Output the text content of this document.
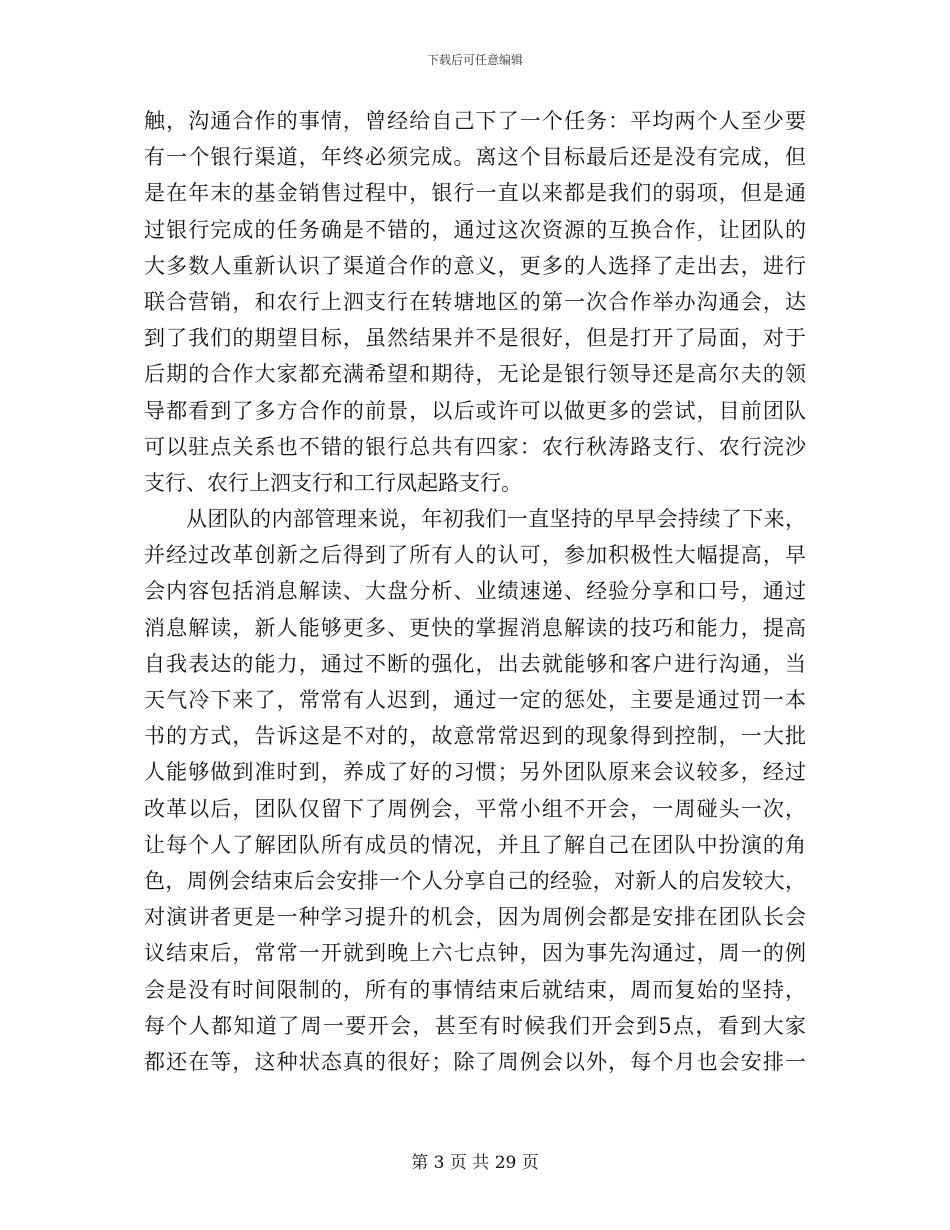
下载后可任意编辑
触，沟通合作的事情，曾经给自己下了一个任务：平均两个人至少要
有一个银行渠道，年终必须完成。离这个目标最后还是没有完成，但
是在年末的基金销售过程中，银行一直以来都是我们的弱项，但是通
过银行完成的任务确是不错的，通过这次资源的互换合作，让团队的
大多数人重新认识了渠道合作的意义，更多的人选择了走出去，进行
联合营销，和农行上泗支行在转塘地区的第一次合作举办沟通会，达
到了我们的期望目标，虽然结果并不是很好，但是打开了局面，对于
后期的合作大家都充满希望和期待，无论是银行领导还是高尔夫的领
导都看到了多方合作的前景，以后或许可以做更多的尝试，目前团队
可以驻点关系也不错的银行总共有四家：农行秋涛路支行、农行浣沙
支行、农行上泗支行和工行凤起路支行。
从团队的内部管理来说，年初我们一直坚持的早早会持续了下来，
并经过改革创新之后得到了所有人的认可，参加积极性大幅提高，早
会内容包括消息解读、大盘分析、业绩速递、经验分享和口号，通过
消息解读，新人能够更多、更快的掌握消息解读的技巧和能力，提高
自我表达的能力，通过不断的强化，出去就能够和客户进行沟通，当
天气冷下来了，常常有人迟到，通过一定的惩处，主要是通过罚一本
书的方式，告诉这是不对的，故意常常迟到的现象得到控制，一大批
人能够做到准时到，养成了好的习惯；另外团队原来会议较多，经过
改革以后，团队仅留下了周例会，平常小组不开会，一周碰头一次，
让每个人了解团队所有成员的情况，并且了解自己在团队中扮演的角
色，周例会结束后会安排一个人分享自己的经验，对新人的启发较大，
对演讲者更是一种学习提升的机会，因为周例会都是安排在团队长会
议结束后，常常一开就到晚上六七点钟，因为事先沟通过，周一的例
会是没有时间限制的，所有的事情结束后就结束，周而复始的坚持，
每个人都知道了周一要开会，甚至有时候我们开会到5点，看到大家
都还在等，这种状态真的很好；除了周例会以外，每个月也会安排一
第 3 页 共 29 页
